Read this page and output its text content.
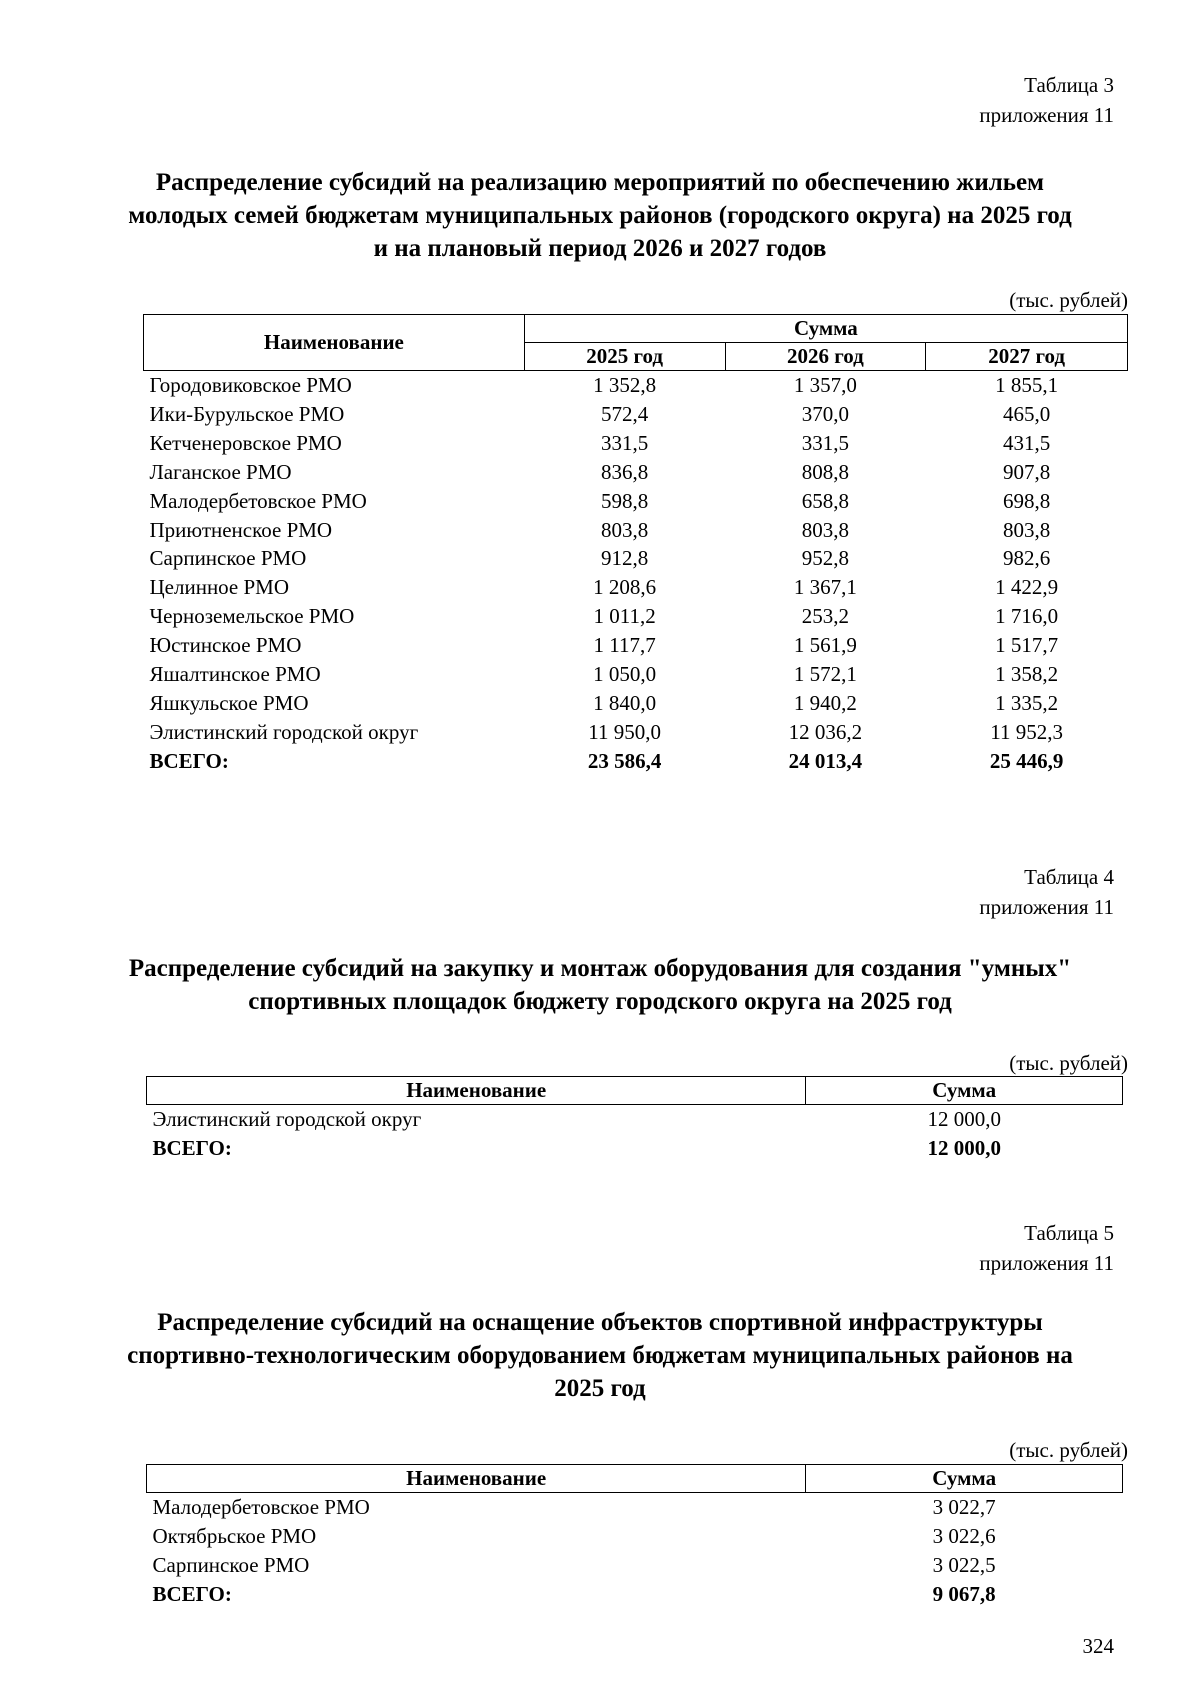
Таблица 3
приложения 11
Распределение субсидий на реализацию мероприятий по обеспечению жильем молодых семей бюджетам муниципальных районов (городского округа) на 2025 год и на плановый период 2026 и 2027 годов
(тыс. рублей)
Наименование	Сумма		
	2025 год	2026 год	2027 год
Городовиковское РМО	1 352,8	1 357,0	1 855,1
Ики-Бурульское РМО	572,4	370,0	465,0
Кетченеровское РМО	331,5	331,5	431,5
Лаганское РМО	836,8	808,8	907,8
Малодербетовское РМО	598,8	658,8	698,8
Приютненское РМО	803,8	803,8	803,8
Сарпинское РМО	912,8	952,8	982,6
Целинное РМО	1 208,6	1 367,1	1 422,9
Черноземельское РМО	1 011,2	253,2	1 716,0
Юстинское РМО	1 117,7	1 561,9	1 517,7
Яшалтинское РМО	1 050,0	1 572,1	1 358,2
Яшкульское РМО	1 840,0	1 940,2	1 335,2
Элистинский городской округ	11 950,0	12 036,2	11 952,3
ВСЕГО:	23 586,4	24 013,4	25 446,9
Таблица 4
приложения 11
Распределение субсидий на закупку и монтаж оборудования для создания "умных" спортивных площадок бюджету городского округа на 2025 год
(тыс. рублей)
Наименование	Сумма
Элистинский городской округ	12 000,0
ВСЕГО:	12 000,0
Таблица 5
приложения 11
Распределение субсидий на оснащение объектов спортивной инфраструктуры спортивно-технологическим оборудованием бюджетам муниципальных районов на 2025 год
(тыс. рублей)
Наименование	Сумма
Малодербетовское РМО	3 022,7
Октябрьское РМО	3 022,6
Сарпинское РМО	3 022,5
ВСЕГО:	9 067,8
324
